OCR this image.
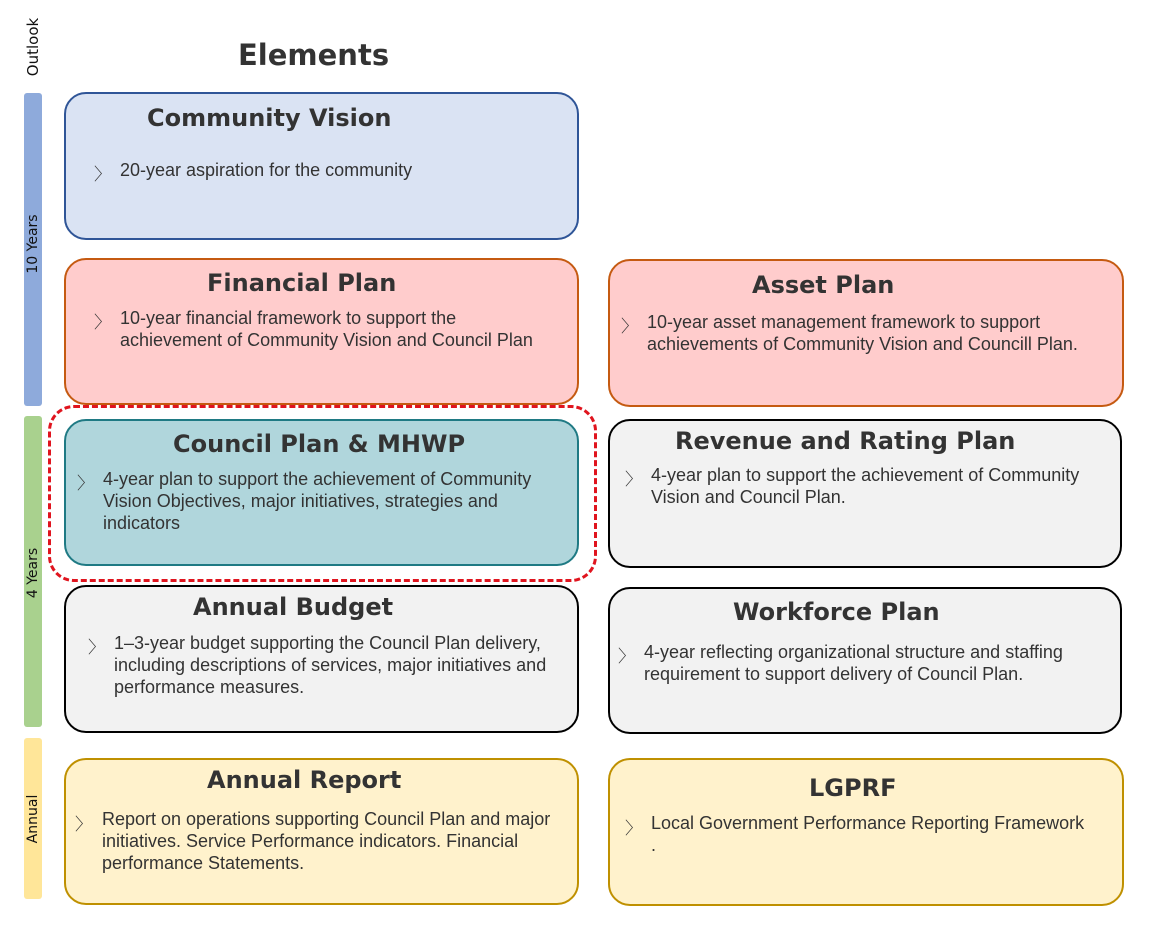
Outlook
10 Years
4 Years
Annual
Elements
Community Vision
〉 20-year aspiration for the community
Financial Plan
〉 10-year financial framework to support the achievement of Community Vision and Council Plan
Asset Plan
〉 10-year asset management framework to support achievements of Community Vision and Councill Plan.
Council Plan & MHWP
〉 4-year plan to support the achievement of Community Vision Objectives, major initiatives, strategies and indicators
Revenue and Rating Plan
〉 4-year plan to support the achievement of Community Vision and Council Plan.
Annual Budget
〉 1–3-year budget supporting the Council Plan delivery, including descriptions of services, major initiatives and performance measures.
Workforce Plan
〉 4-year reflecting organizational structure and staffing requirement to support delivery of Council Plan.
Annual Report
〉 Report on operations supporting Council Plan and major initiatives. Service Performance indicators. Financial performance Statements.
LGPRF
〉 Local Government Performance Reporting Framework .
